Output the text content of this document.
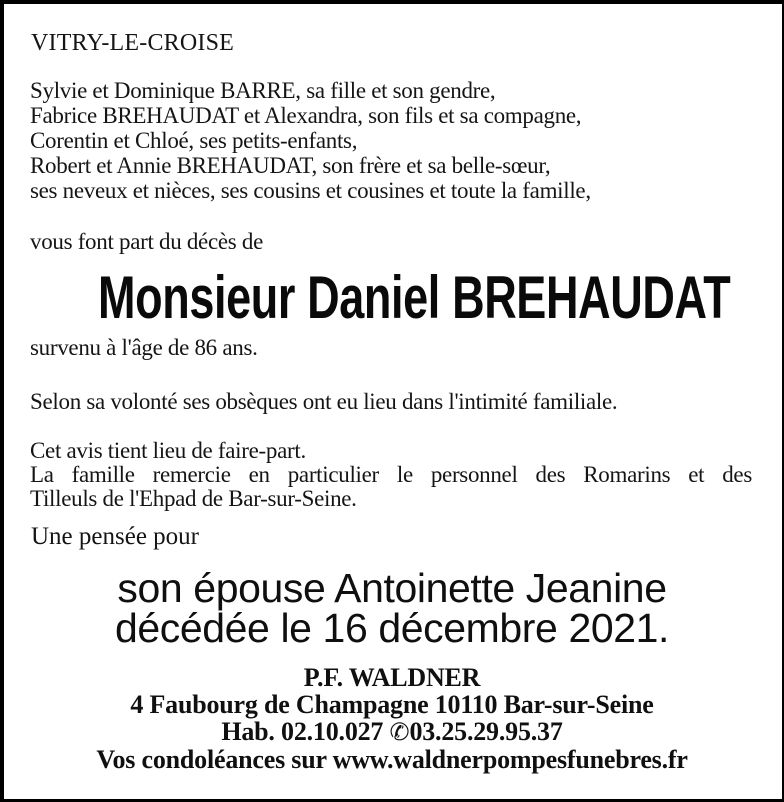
VITRY-LE-CROISE
Sylvie et Dominique BARRE, sa fille et son gendre,
Fabrice BREHAUDAT et Alexandra, son fils et sa compagne,
Corentin et Chloé, ses petits-enfants,
Robert et Annie BREHAUDAT, son frère et sa belle-sœur,
ses neveux et nièces, ses cousins et cousines et toute la famille,
vous font part du décès de
Monsieur Daniel BREHAUDAT
survenu à l'âge de 86 ans.
Selon sa volonté ses obsèques ont eu lieu dans l'intimité familiale.
Cet avis tient lieu de faire-part.
La famille remercie en particulier le personnel des Romarins et des
Tilleuls de l'Ehpad de Bar-sur-Seine.
Une pensée pour
son épouse Antoinette Jeanine
décédée le 16 décembre 2021.
P.F. WALDNER
4 Faubourg de Champagne 10110 Bar-sur-Seine
Hab. 02.10.027 ✆03.25.29.95.37
Vos condoléances sur www.waldnerpompesfunebres.fr
